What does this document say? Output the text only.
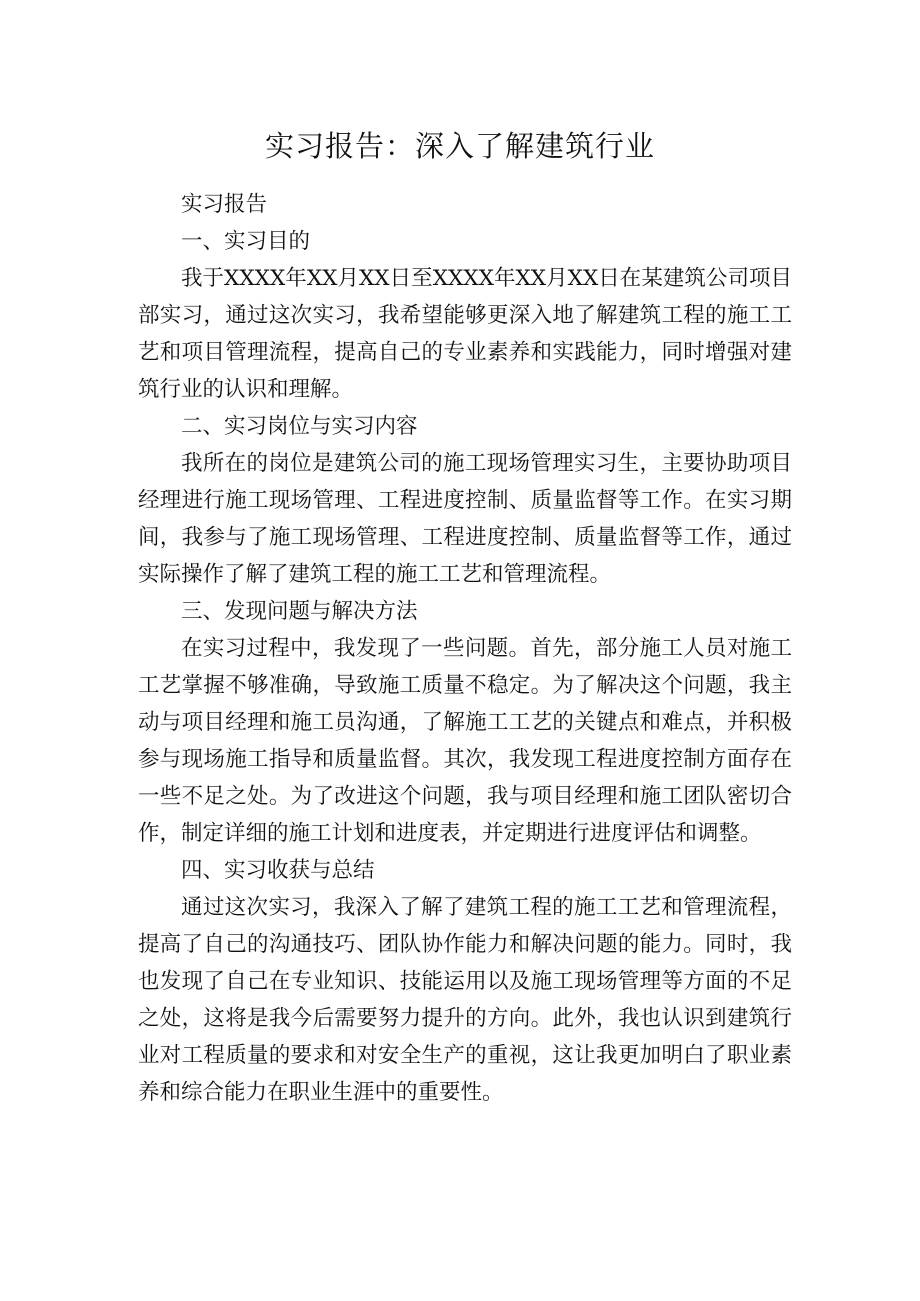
实习报告：深入了解建筑行业

实习报告

一、实习目的

我于XXXX年XX月XX日至XXXX年XX月XX日在某建筑公司项目部实习，通过这次实习，我希望能够更深入地了解建筑工程的施工工艺和项目管理流程，提高自己的专业素养和实践能力，同时增强对建筑行业的认识和理解。

二、实习岗位与实习内容

我所在的岗位是建筑公司的施工现场管理实习生，主要协助项目经理进行施工现场管理、工程进度控制、质量监督等工作。在实习期间，我参与了施工现场管理、工程进度控制、质量监督等工作，通过实际操作了解了建筑工程的施工工艺和管理流程。

三、发现问题与解决方法

在实习过程中，我发现了一些问题。首先，部分施工人员对施工工艺掌握不够准确，导致施工质量不稳定。为了解决这个问题，我主动与项目经理和施工员沟通，了解施工工艺的关键点和难点，并积极参与现场施工指导和质量监督。其次，我发现工程进度控制方面存在一些不足之处。为了改进这个问题，我与项目经理和施工团队密切合作，制定详细的施工计划和进度表，并定期进行进度评估和调整。

四、实习收获与总结

通过这次实习，我深入了解了建筑工程的施工工艺和管理流程，提高了自己的沟通技巧、团队协作能力和解决问题的能力。同时，我也发现了自己在专业知识、技能运用以及施工现场管理等方面的不足之处，这将是我今后需要努力提升的方向。此外，我也认识到建筑行业对工程质量的要求和对安全生产的重视，这让我更加明白了职业素养和综合能力在职业生涯中的重要性。
